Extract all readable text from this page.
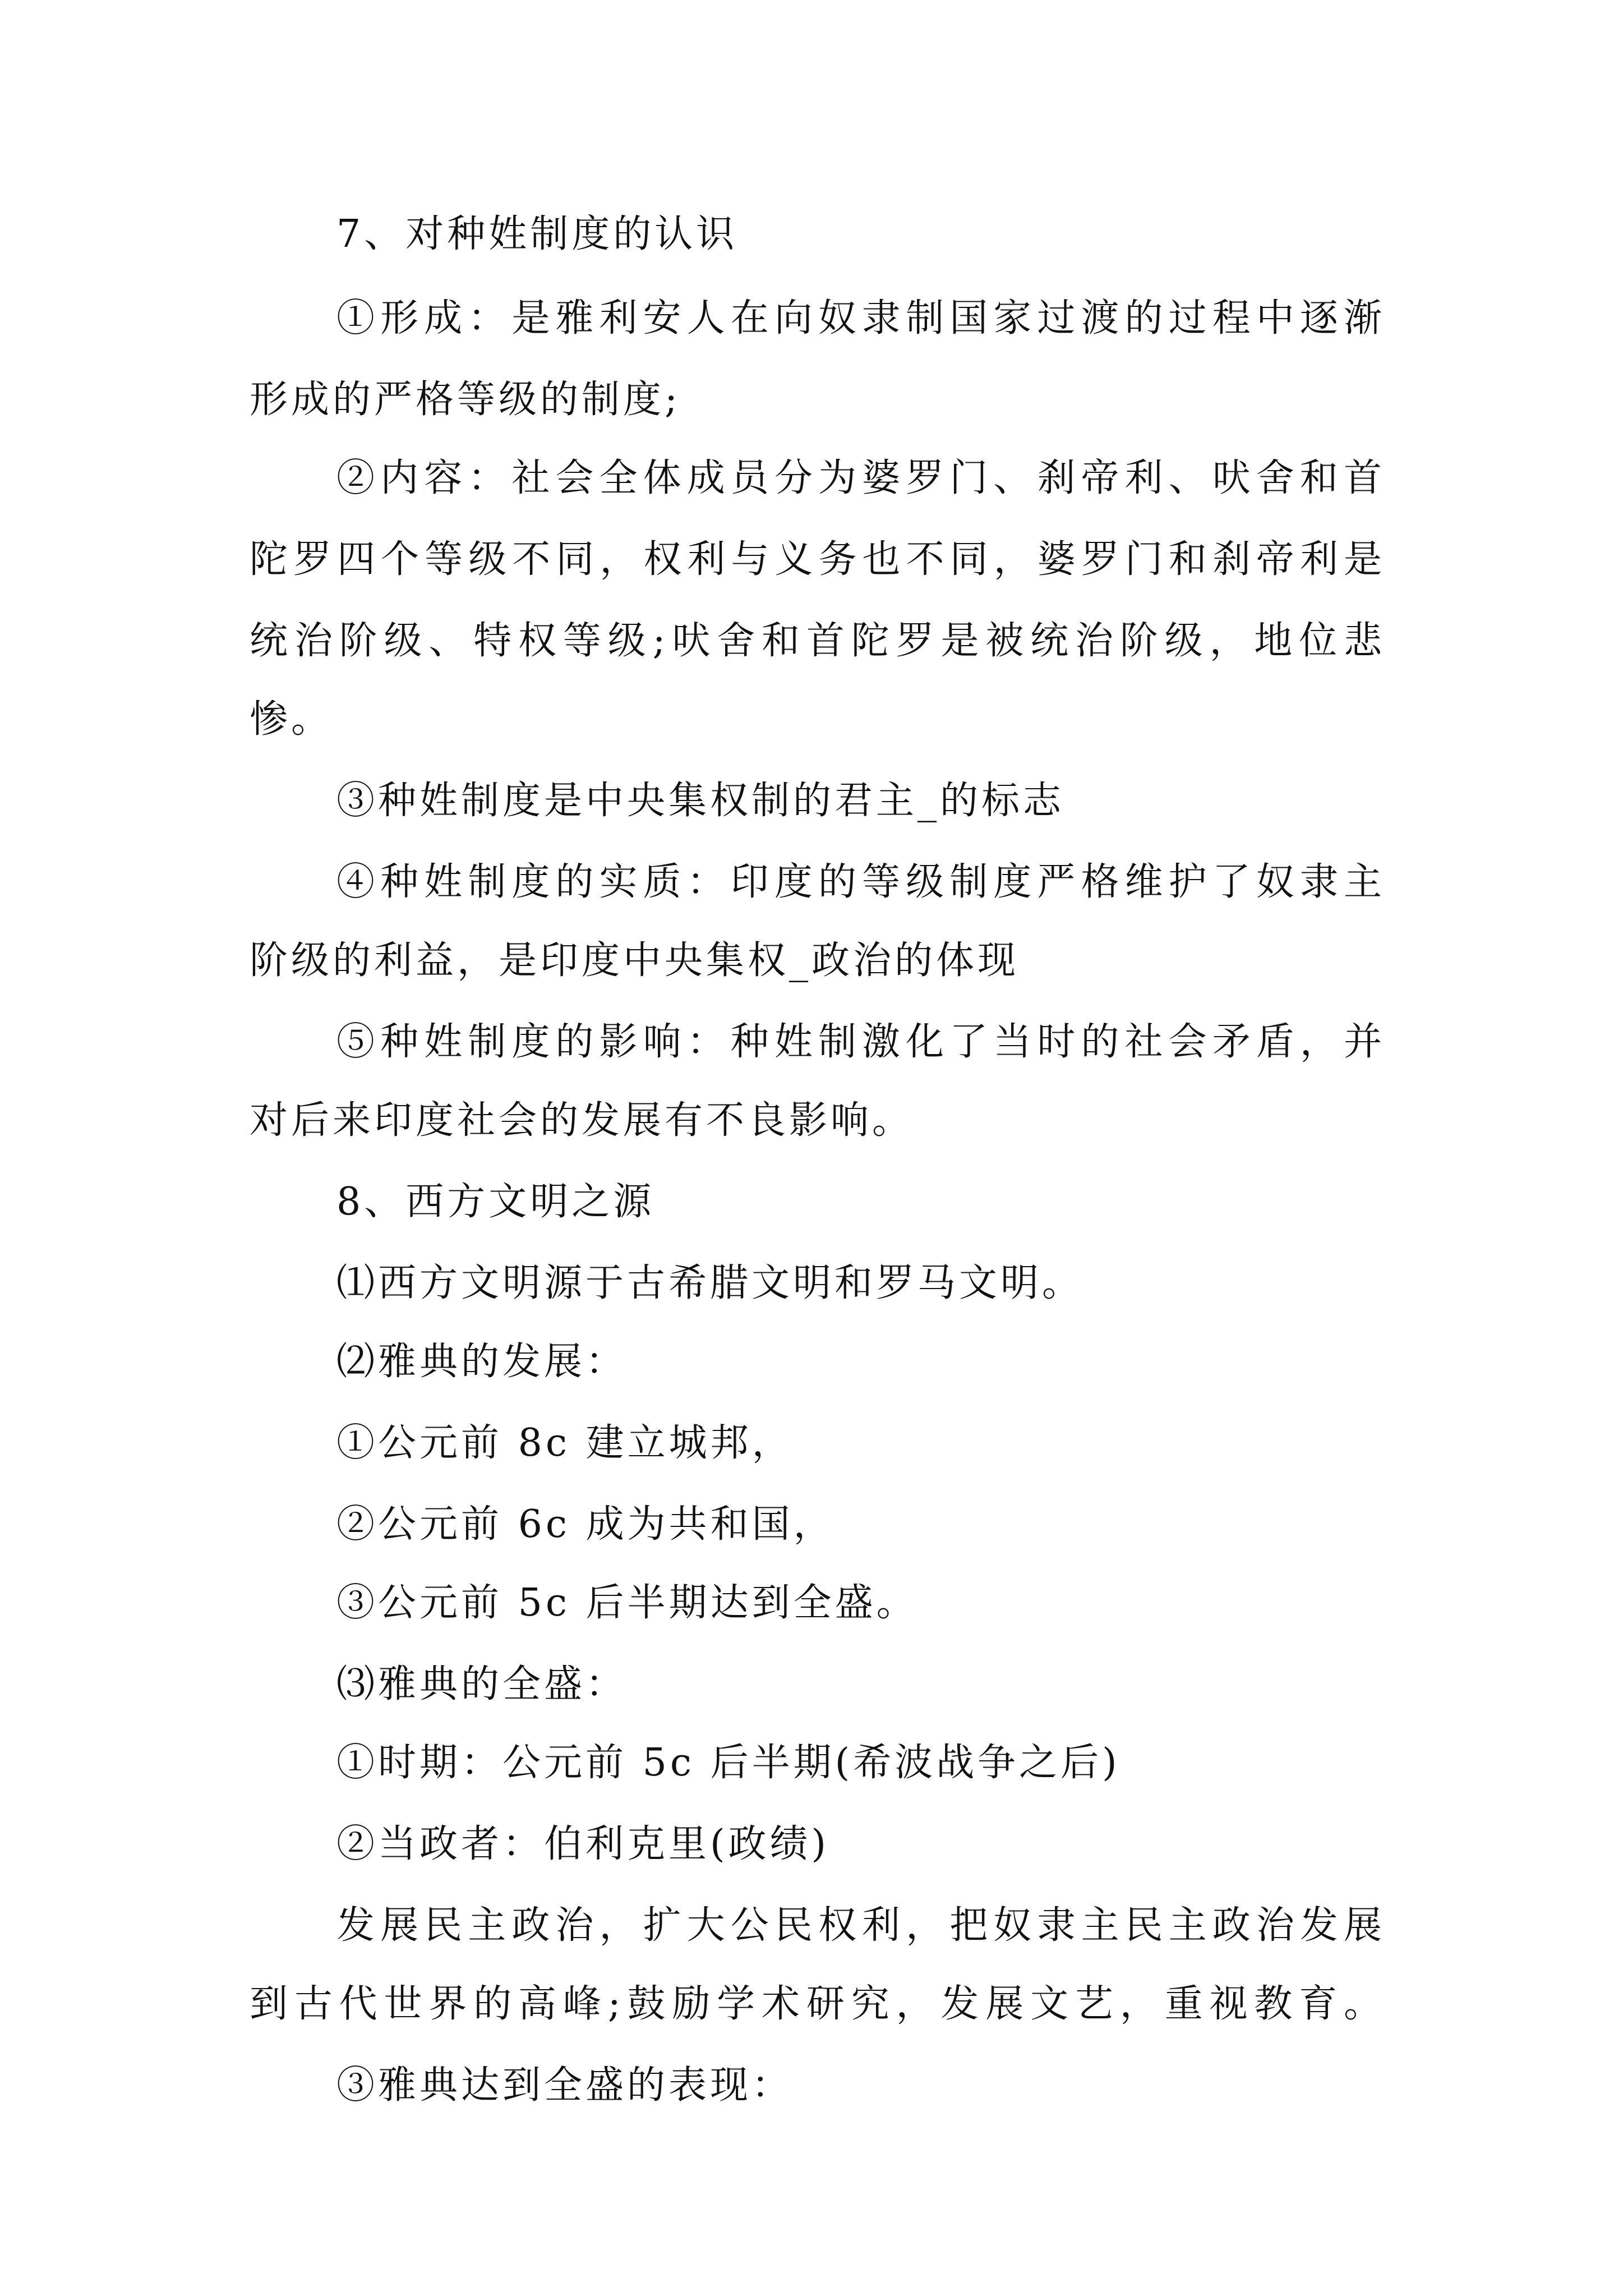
7、对种姓制度的认识
①形成：是雅利安人在向奴隶制国家过渡的过程中逐渐
形成的严格等级的制度;
②内容：社会全体成员分为婆罗门、刹帝利、吠舍和首
陀罗四个等级不同，权利与义务也不同，婆罗门和刹帝利是
统治阶级、特权等级;吠舍和首陀罗是被统治阶级，地位悲
惨。
③种姓制度是中央集权制的君主_的标志
④种姓制度的实质：印度的等级制度严格维护了奴隶主
阶级的利益，是印度中央集权_政治的体现
⑤种姓制度的影响：种姓制激化了当时的社会矛盾，并
对后来印度社会的发展有不良影响。
8、西方文明之源
⑴西方文明源于古希腊文明和罗马文明。
⑵雅典的发展：
①公元前 8c 建立城邦，
②公元前 6c 成为共和国，
③公元前 5c 后半期达到全盛。
⑶雅典的全盛：
①时期：公元前 5c 后半期(希波战争之后)
②当政者：伯利克里(政绩)
发展民主政治，扩大公民权利，把奴隶主民主政治发展
到古代世界的高峰;鼓励学术研究，发展文艺，重视教育。
③雅典达到全盛的表现：
